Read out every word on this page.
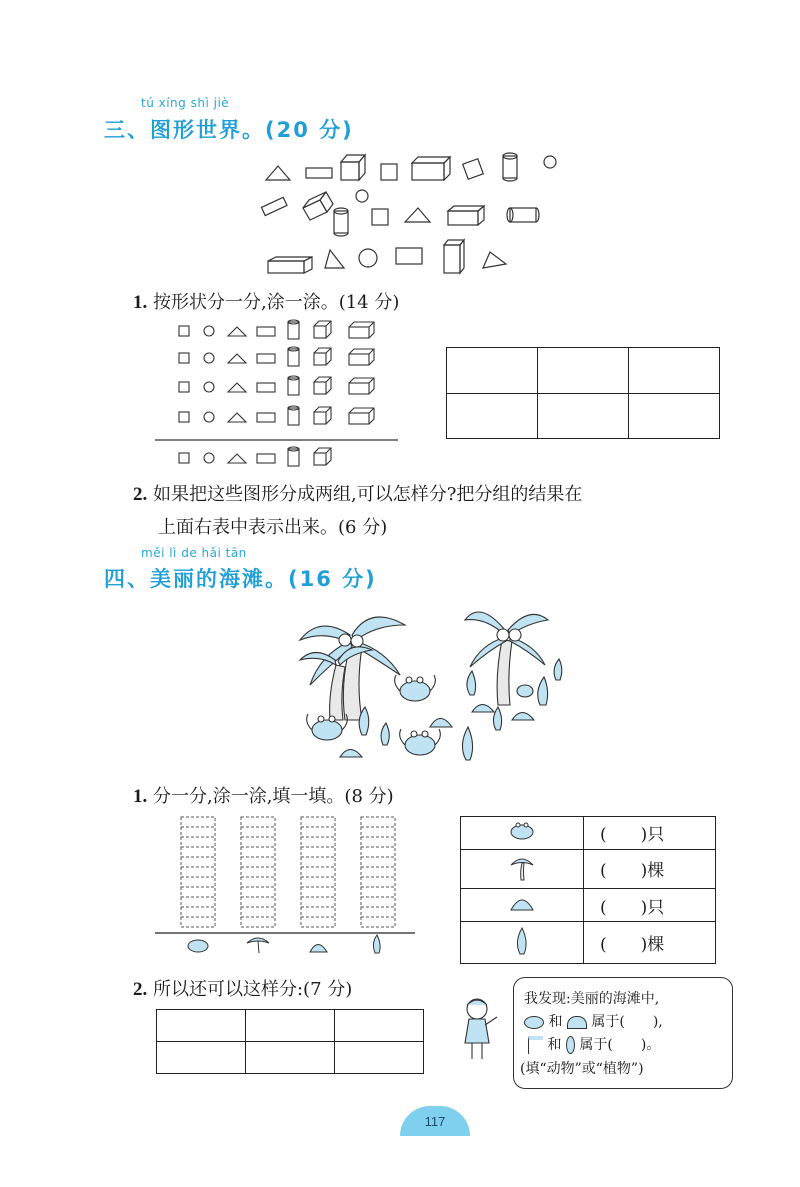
tú xíng shì jiè
三、图形世界。(20 分)
1. 按形状分一分,涂一涂。(14 分)

2. 如果把这些图形分成两组,可以怎样分?把分组的结果在
上面右表中表示出来。(6 分)
měi lì de hǎi tān
四、美丽的海滩。(16 分)
1. 分一分,涂一涂,填一填。(8 分)
	(　　)只
	(　　)棵
	(　　)只
	(　　)棵
2. 所以还可以这样分:(7 分)

			我发现:美丽的海滩中,
和 属于(　　),
和 属于(　　)。
(填“动物”或“植物”)
117
